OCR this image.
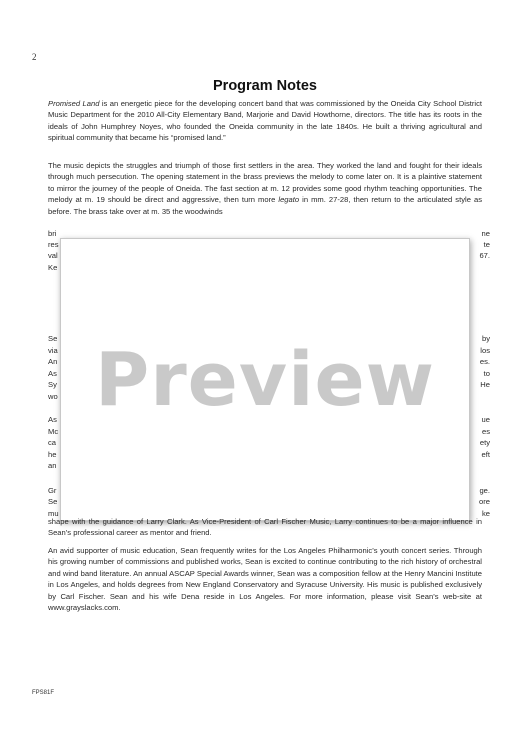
2
Program Notes

Promised Land is an energetic piece for the developing concert band that was commissioned by the Oneida City School District Music Department for the 2010 All-City Elementary Band, Marjorie and David Howthorne, directors. The title has its roots in the ideals of John Humphrey Noyes, who founded the Oneida community in the late 1840s. He built a thriving agricultural and spiritual community that became his “promised land.”

The music depicts the struggles and triumph of those first settlers in the area. They worked the land and fought for their ideals through much persecution. The opening statement in the brass previews the melody to come later on. It is a plaintive statement to mirror the journey of the people of Oneida. The fast section at m. 12 provides some good rhythm teaching opportunities. The melody at m. 19 should be direct and aggressive, then turn more legato in mm. 27-28, then return to the articulated style as before. The brass take over at m. 35 the woodwinds

bri
res
val
Ke
Se
via
An
As
Sy
wo
As
Mc
ca
he
an
Gr
Se
mu
ne
te
67.
by
los
es.
to
He
ue
es
ety
eft
ge.
ore
ke
Preview
shape with the guidance of Larry Clark. As Vice-President of Carl Fischer Music, Larry continues to be a major influence in Sean’s professional career as mentor and friend.

An avid supporter of music education, Sean frequently writes for the Los Angeles Philharmonic’s youth concert series. Through his growing number of commissions and published works, Sean is excited to continue contributing to the rich history of orchestral and wind band literature. An annual ASCAP Special Awards winner, Sean was a composition fellow at the Henry Mancini Institute in Los Angeles, and holds degrees from New England Conservatory and Syracuse University. His music is published exclusively by Carl Fischer. Sean and his wife Dena reside in Los Angeles. For more information, please visit Sean’s web-site at www.grayslacks.com.

FPS81F
